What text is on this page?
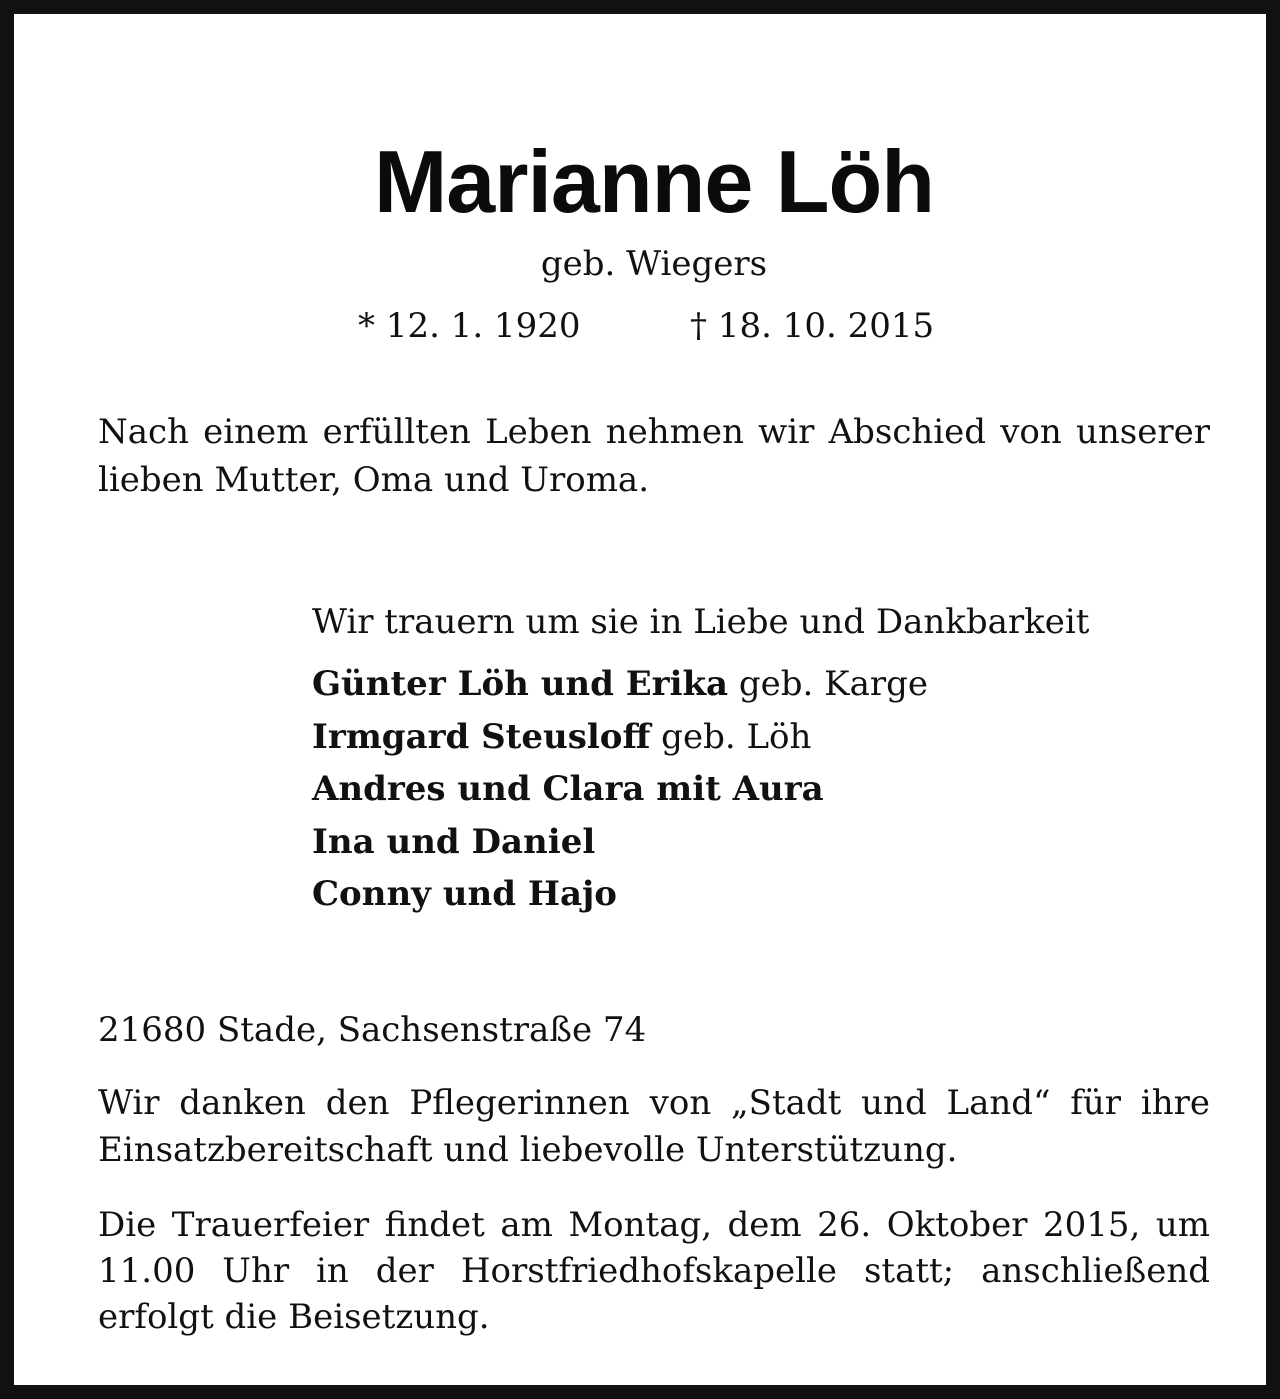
Marianne Löh
geb. Wiegers
* 12. 1. 1920	† 18. 10. 2015
Nach einem erfüllten Leben nehmen wir Abschied von unserer lieben Mutter, Oma und Uroma.
Wir trauern um sie in Liebe und Dankbarkeit
Günter Löh und Erika geb. Karge
Irmgard Steusloff geb. Löh
Andres und Clara mit Aura
Ina und Daniel
Conny und Hajo
21680 Stade, Sachsenstraße 74
Wir danken den Pflegerinnen von „Stadt und Land“ für ihre Einsatzbereitschaft und liebevolle Unterstützung.
Die Trauerfeier findet am Montag, dem 26. Oktober 2015, um 11.00 Uhr in der Horstfriedhofskapelle statt; anschließend erfolgt die Beisetzung.
